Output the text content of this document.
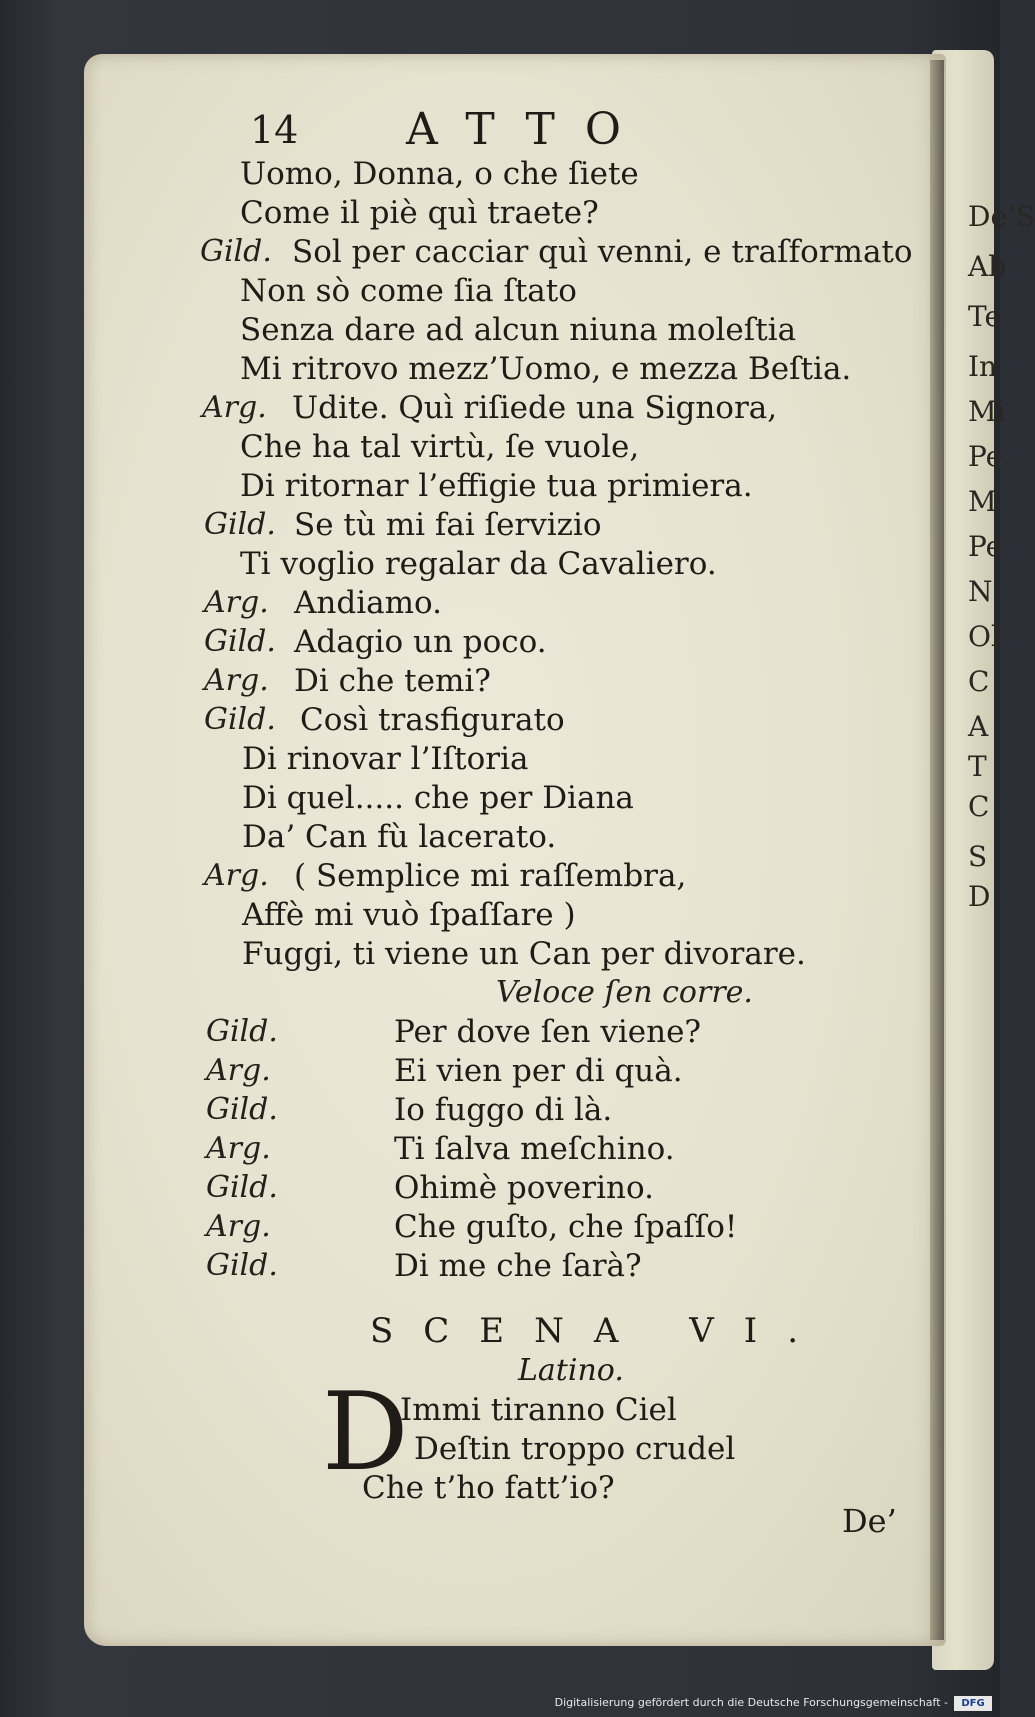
De’S
Ab
Te
In
Mi
Pe
M
Pe
N
Ol
C
A
T
C
S
D
14 ATTO
Uomo, Donna, o che ſiete
Come il piè quì traete?
Gild. Sol per cacciar quì venni, e traſformato
Non sò come ſia ſtato
Senza dare ad alcun niuna moleſtia
Mi ritrovo mezz’Uomo, e mezza Beſtia.
Arg. Udite. Quì riſiede una Signora,
Che ha tal virtù, ſe vuole,
Di ritornar l’effigie tua primiera.
Gild. Se tù mi fai ſervizio
Ti voglio regalar da Cavaliero.
Arg. Andiamo.
Gild. Adagio un poco.
Arg. Di che temi?
Gild. Così trasfigurato
Di rinovar l’Iſtoria
Di quel..... che per Diana
Da’ Can fù lacerato.
Arg. ( Semplice mi raſſembra,
Affè mi vuò ſpaſſare )
Fuggi, ti viene un Can per divorare.
Veloce ſen corre.
Gild.	Per dove ſen viene?
Arg.	Ei vien per di quà.
Gild.	Io fuggo di là.
Arg.	Ti ſalva meſchino.
Gild.	Ohimè poverino.
Arg.	Che guſto, che ſpaſſo!
Gild.	Di me che ſarà?
SCENA VI.
Latino.
D
Immi tiranno Ciel
Deſtin troppo crudel
Che t’ho fatt’io?
De’
Digitalisierung gefördert durch die Deutsche Forschungsgemeinschaft -	DFG
